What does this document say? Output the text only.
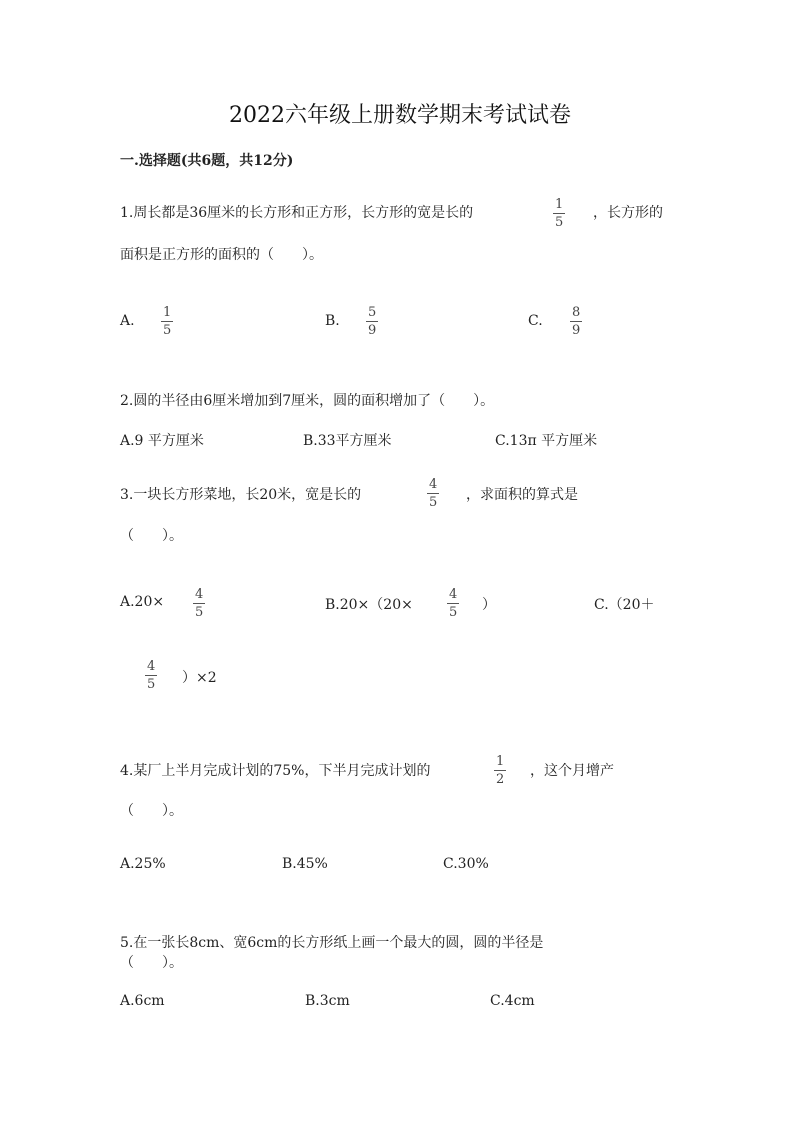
2022六年级上册数学期末考试试卷
一.选择题(共6题，共12分)
1.周长都是36厘米的长方形和正方形，长方形的宽是长的	$\frac{1}{5}$ ，长方形的
面积是正方形的面积的（　　）。
A. $\frac{1}{5}$	B. $\frac{5}{9}$	C. $\frac{8}{9}$
2.圆的半径由6厘米增加到7厘米，圆的面积增加了（　　）。
A.9 平方厘米	B.33平方厘米	C.13π 平方厘米
3.一块长方形菜地，长20米，宽是长的	$\frac{4}{5}$ ，求面积的算式是
（　　）。
$A.20\times \frac{4}{5}$	B.20×（20×	$\frac{4}{5}$ ）	C.（20＋
$\frac{4}{5} )\times 2$
4.某厂上半月完成计划的75%，下半月完成计划的	$\frac{1}{2}$ ，这个月增产
（　　）。
A.25%	B.45%	C.30%
5.在一张长8cm、宽6cm的长方形纸上画一个最大的圆，圆的半径是
（　　）。
A.6cm	B.3cm	C.4cm
